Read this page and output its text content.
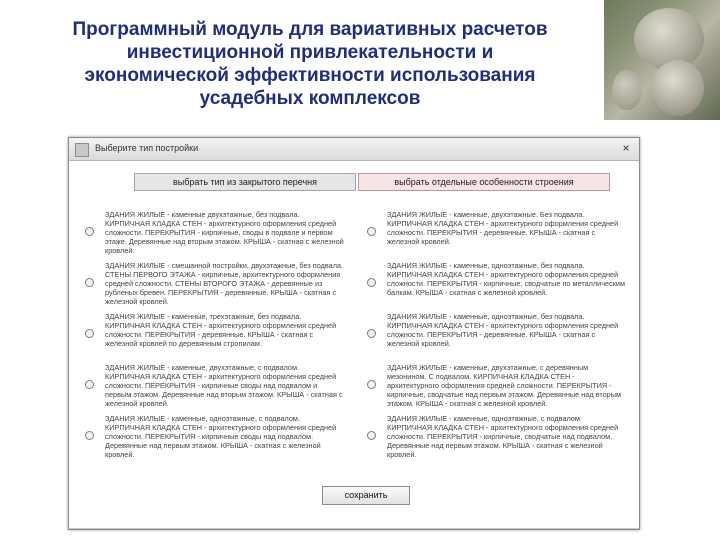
Программный модуль для вариативных расчетов
инвестиционной привлекательности и
экономической эффективности использования
усадебных комплексов
Выберите тип постройки	×
выбрать тип из закрытого перечня	выбрать отдельные особенности строения
ЗДАНИЯ ЖИЛЫЕ - каменные двухэтажные, без подвала. КИРПИЧНАЯ КЛАДКА СТЕН - архитектурного оформления средней сложности. ПЕРЕКРЫТИЯ - кирпичные, своды в подвале и первом этаже. Деревянные над вторым этажом. КРЫША - скатная с железной кровлей.
ЗДАНИЯ ЖИЛЫЕ - смешанной постройки, двухэтажные, без подвала. СТЕНЫ ПЕРВОГО ЭТАЖА - кирпичные, архитектурного оформления средней сложности. СТЕНЫ ВТОРОГО ЭТАЖА - деревянные из рубленых бревен. ПЕРЕКРЫТИЯ - деревянные. КРЫША - скатная с железной кровлей.
ЗДАНИЯ ЖИЛЫЕ - каменные, трехэтажные, без подвала. КИРПИЧНАЯ КЛАДКА СТЕН - архитектурного оформления средней сложности. ПЕРЕКРЫТИЯ - деревянные. КРЫША - скатная с железной кровлей по деревянным стропилам.
ЗДАНИЯ ЖИЛЫЕ - каменные, двухэтажные, с подвалом. КИРПИЧНАЯ КЛАДКА СТЕН - архитектурного оформления средней сложности. ПЕРЕКРЫТИЯ - кирпичные своды над подвалом и первым этажом. Деревянные над вторым этажом. КРЫША - скатная с железной кровлей.
ЗДАНИЯ ЖИЛЫЕ - каменные, одноэтажные, с подвалом. КИРПИЧНАЯ КЛАДКА СТЕН - архитектурного оформления средней сложности. ПЕРЕКРЫТИЯ - кирпичные своды над подвалом. Деревянные над первым этажом. КРЫША - скатная с железной кровлей.
ЗДАНИЯ ЖИЛЫЕ - каменные, двухэтажные. Без подвала. КИРПИЧНАЯ КЛАДКА СТЕН - архитектурного оформления средней сложности. ПЕРЕКРЫТИЯ - деревянные. КРЫША - скатная с железной кровлей.
ЗДАНИЯ ЖИЛЫЕ - каменные, одноэтажные, без подвала. КИРПИЧНАЯ КЛАДКА СТЕН - архитектурного оформления средней сложности. ПЕРЕКРЫТИЯ - кирпичные, сводчатые по металлическим балкам. КРЫША - скатная с железной кровлей.
ЗДАНИЯ ЖИЛЫЕ - каменные, одноэтажные, без подвала. КИРПИЧНАЯ КЛАДКА СТЕН - архитектурного оформления средней сложности. ПЕРЕКРЫТИЯ - деревянные. КРЫША - скатная с железной кровлей.
ЗДАНИЯ ЖИЛЫЕ - каменные, двухэтажные, с деревянным мезонином. С подвалом. КИРПИЧНАЯ КЛАДКА СТЕН - архитектурного оформления средней сложности. ПЕРЕКРЫТИЯ - кирпичные, сводчатые над первым этажом. Деревянные над вторым этажом. КРЫША - скатная с железной кровлей.
ЗДАНИЯ ЖИЛЫЕ - каменные, одноэтажные, с подвалом. КИРПИЧНАЯ КЛАДКА СТЕН - архитектурного оформления средней сложности. ПЕРЕКРЫТИЯ - кирпичные, сводчатые над подвалом. Деревянные над первым этажом. КРЫША - скатная с железной кровлей.
сохранить
